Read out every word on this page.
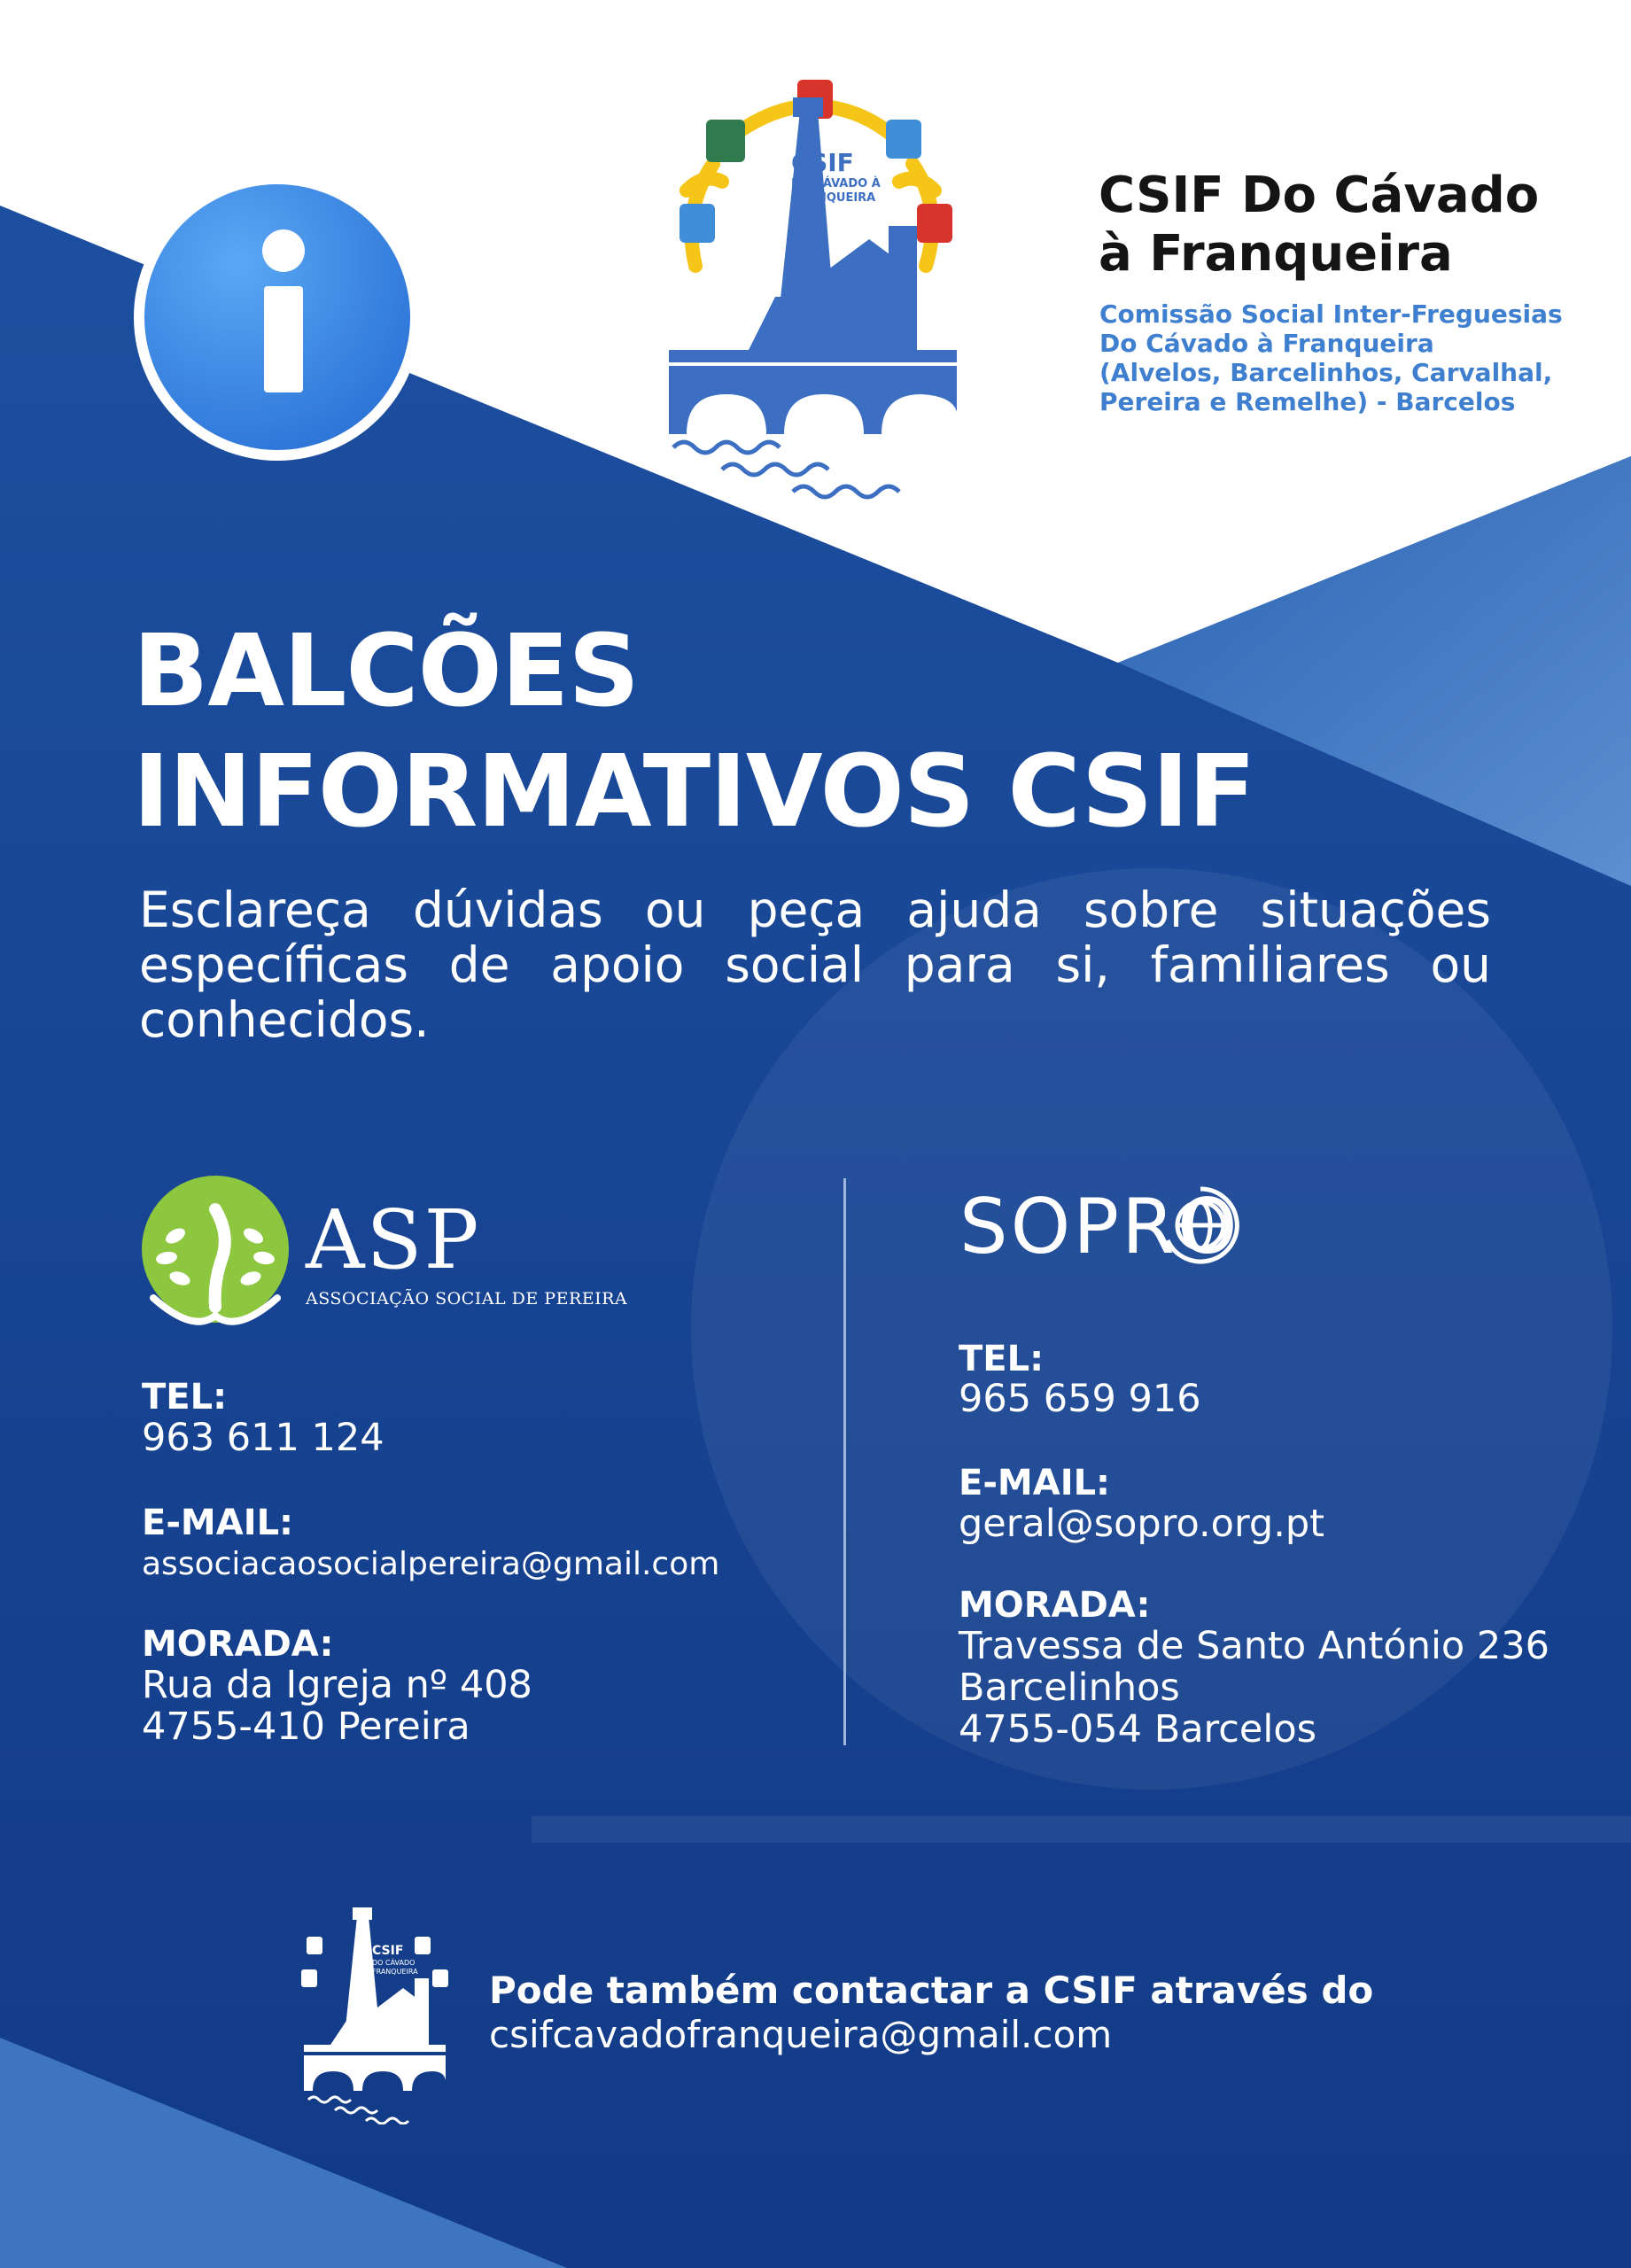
CSIF
DO CÁVADO À
FRANQUEIRA	CSIF Do Cávado
à Franqueira
Comissão Social Inter-Freguesias
Do Cávado à Franqueira
(Alvelos, Barcelinhos, Carvalhal,
Pereira e Remelhe) - Barcelos
BALCÕES
INFORMATIVOS CSIF
Esclareça dúvidas ou peça ajuda sobre situações
específicas de apoio social para si, familiares ou
conhecidos.
ASP
ASSOCIAÇÃO SOCIAL DE PEREIRA
TEL:
963 611 124
E-MAIL:
associacaosocialpereira@gmail.com
MORADA:
Rua da Igreja nº 408
4755-410 Pereira
SOPRO
TEL:
965 659 916
E-MAIL:
geral@sopro.org.pt
MORADA:
Travessa de Santo António 236
Barcelinhos
4755-054 Barcelos
CSIF
DO CÁVADO
FRANQUEIRA Pode também contactar a CSIF através do
csifcavadofranqueira@gmail.com
